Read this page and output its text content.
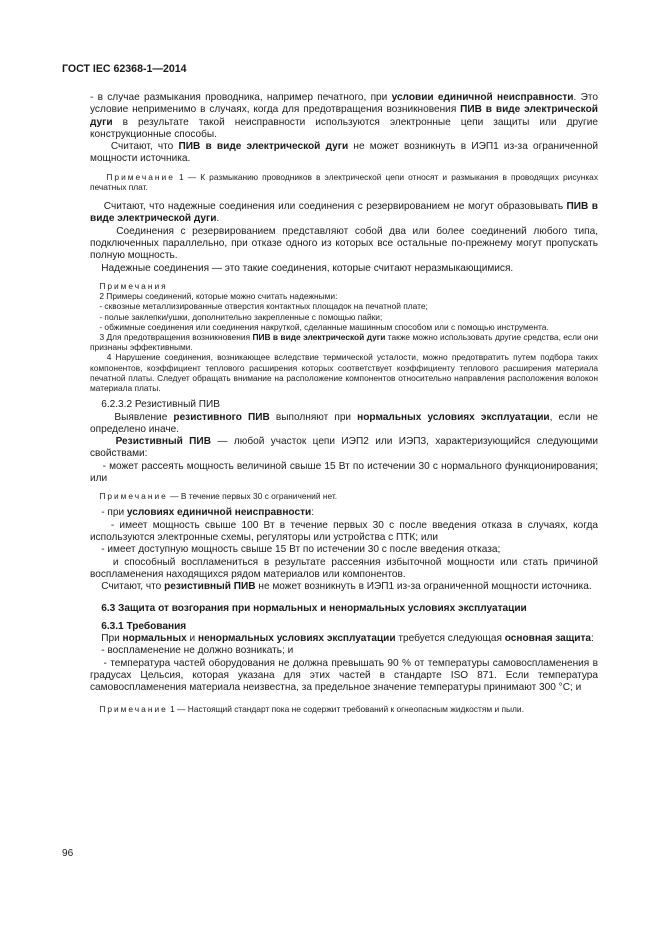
ГОСТ IEC 62368-1—2014

- в случае размыкания проводника, например печатного, при условии единичной неисправности. Это условие неприменимо в случаях, когда для предотвращения возникновения ПИВ в виде электрической дуги в результате такой неисправности используются электронные цепи защиты или другие конструкционные способы.

Считают, что ПИВ в виде электрической дуги не может возникнуть в ИЭП1 из-за ограниченной мощности источника.

Примечание 1 — К размыканию проводников в электрической цепи относят и размыкания в проводящих рисунках печатных плат.

Считают, что надежные соединения или соединения с резервированием не могут образовывать ПИВ в виде электрической дуги.

Соединения с резервированием представляют собой два или более соединений любого типа, подключенных параллельно, при отказе одного из которых все остальные по-прежнему могут пропускать полную мощность.

Надежные соединения — это такие соединения, которые считают неразмыкающимися.

Примечания

2 Примеры соединений, которые можно считать надежными:

- сквозные металлизированные отверстия контактных площадок на печатной плате;

- полые заклепки/ушки, дополнительно закрепленные с помощью пайки;

- обжимные соединения или соединения накруткой, сделанные машинным способом или с помощью инструмента.

3 Для предотвращения возникновения ПИВ в виде электрической дуги также можно использовать другие средства, если они признаны эффективными.

4 Нарушение соединения, возникающее вследствие термической усталости, можно предотвратить путем подбора таких компонентов, коэффициент теплового расширения которых соответствует коэффициенту теплового расширения материала печатной платы. Следует обращать внимание на расположение компонентов относительно направления расположения волокон материала платы.

6.2.3.2 Резистивный ПИВ

Выявление резистивного ПИВ выполняют при нормальных условиях эксплуатации, если не определено иначе.

Резистивный ПИВ — любой участок цепи ИЭП2 или ИЭП3, характеризующийся следующими свойствами:

- может рассеять мощность величиной свыше 15 Вт по истечении 30 с нормального функционирования; или

Примечание — В течение первых 30 с ограничений нет.

- при условиях единичной неисправности:

- имеет мощность свыше 100 Вт в течение первых 30 с после введения отказа в случаях, когда используются электронные схемы, регуляторы или устройства с ПТК; или

- имеет доступную мощность свыше 15 Вт по истечении 30 с после введения отказа;

и способный воспламениться в результате рассеяния избыточной мощности или стать причиной воспламенения находящихся рядом материалов или компонентов.

Считают, что резистивный ПИВ не может возникнуть в ИЭП1 из-за ограниченной мощности источника.

6.3 Защита от возгорания при нормальных и ненормальных условиях эксплуатации

6.3.1 Требования

При нормальных и ненормальных условиях эксплуатации требуется следующая основная защита:

- воспламенение не должно возникать; и

- температура частей оборудования не должна превышать 90 % от температуры самовоспламенения в градусах Цельсия, которая указана для этих частей в стандарте ISO 871. Если температура самовоспламенения материала неизвестна, за предельное значение температуры принимают 300 °С; и

Примечание 1 — Настоящий стандарт пока не содержит требований к огнеопасным жидкостям и пыли.

96
